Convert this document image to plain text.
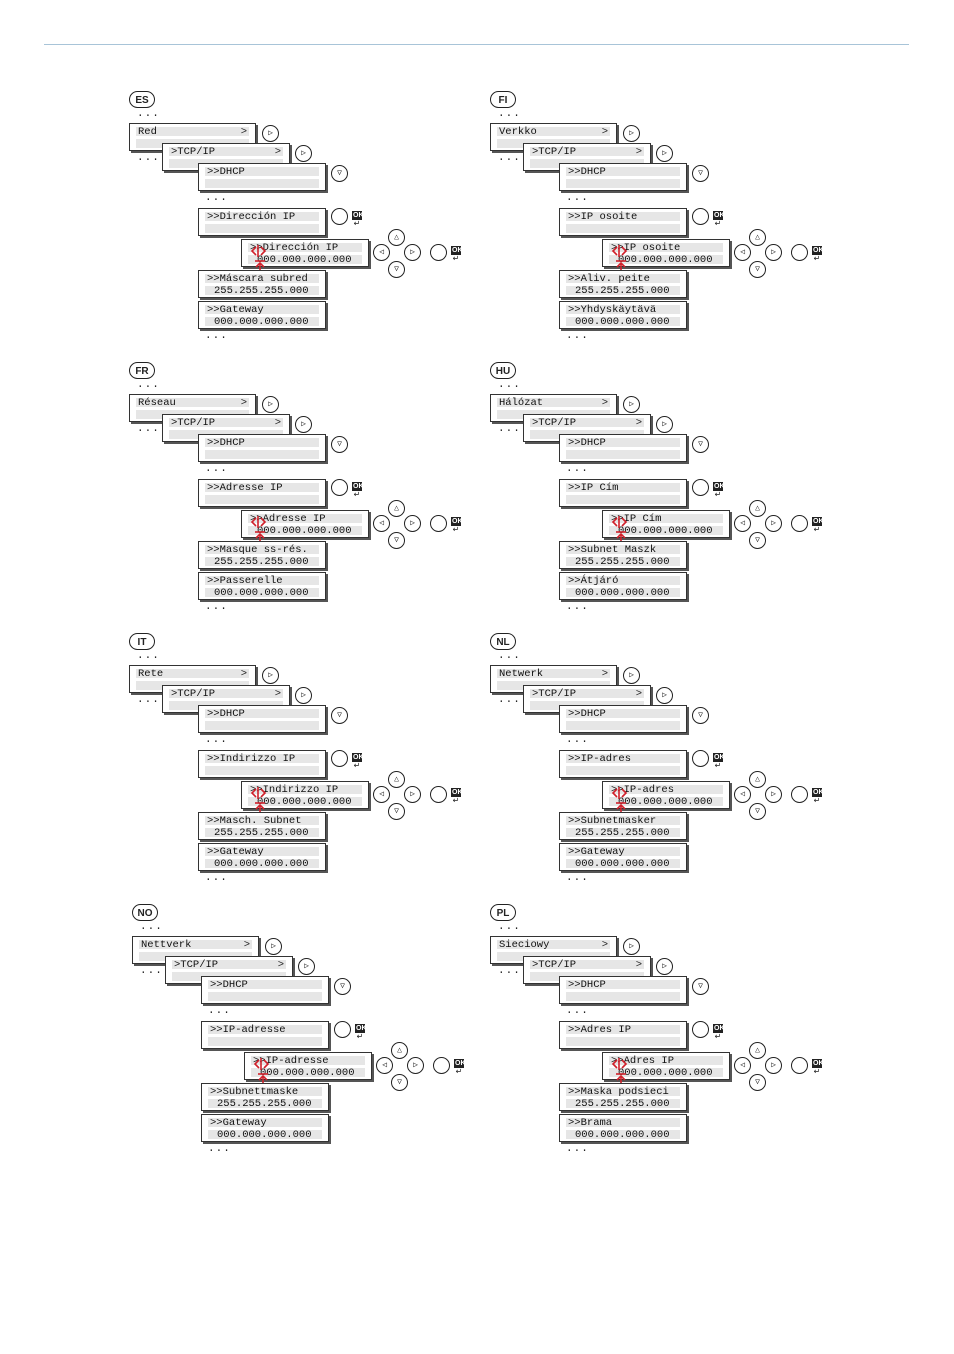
ES
...
Red	>	▷
... >TCP/IP	>	▷
>>DHCP	▽
...
>>Dirección IP	OK
↵
>>Dirección IP
000.000.000.000
◁
△
▽
▷	OK
↵
>>Máscara subred
255.255.255.000
>>Gateway
000.000.000.000
...
FI
...
Verkko	>	▷
... >TCP/IP	>	▷
>>DHCP	▽
...
>>IP osoite	OK
↵
>>IP osoite
000.000.000.000
◁
△
▽
▷	OK
↵
>>Aliv. peite
255.255.255.000
>>Yhdyskäytävä
000.000.000.000
...
FR
...
Réseau	>	▷
... >TCP/IP	>	▷
>>DHCP	▽
...
>>Adresse IP	OK
↵
>>Adresse IP
000.000.000.000
◁
△
▽
▷	OK
↵
>>Masque ss-rés.
255.255.255.000
>>Passerelle
000.000.000.000
...
HU
...
Hálózat	>	▷
... >TCP/IP	>	▷
>>DHCP	▽
...
>>IP Cím	OK
↵
>>IP Cím
000.000.000.000
◁
△
▽
▷	OK
↵
>>Subnet Maszk
255.255.255.000
>>Átjáró
000.000.000.000
...
IT
...
Rete	>	▷
... >TCP/IP	>	▷
>>DHCP	▽
...
>>Indirizzo IP	OK
↵
>>Indirizzo IP
000.000.000.000
◁
△
▽
▷	OK
↵
>>Masch. Subnet
255.255.255.000
>>Gateway
000.000.000.000
...
NL
...
Netwerk	>	▷
... >TCP/IP	>	▷
>>DHCP	▽
...
>>IP-adres	OK
↵
>>IP-adres
000.000.000.000
◁
△
▽
▷	OK
↵
>>Subnetmasker
255.255.255.000
>>Gateway
000.000.000.000
...
NO
...
Nettverk	>	▷
... >TCP/IP	>	▷
>>DHCP	▽
...
>>IP-adresse	OK
↵
>>IP-adresse
000.000.000.000
◁
△
▽
▷	OK
↵
>>Subnettmaske
255.255.255.000
>>Gateway
000.000.000.000
...
PL
...
Sieciowy	>	▷
... >TCP/IP	>	▷
>>DHCP	▽
...
>>Adres IP	OK
↵
>>Adres IP
000.000.000.000
◁
△
▽
▷	OK
↵
>>Maska podsieci
255.255.255.000
>>Brama
000.000.000.000
...
